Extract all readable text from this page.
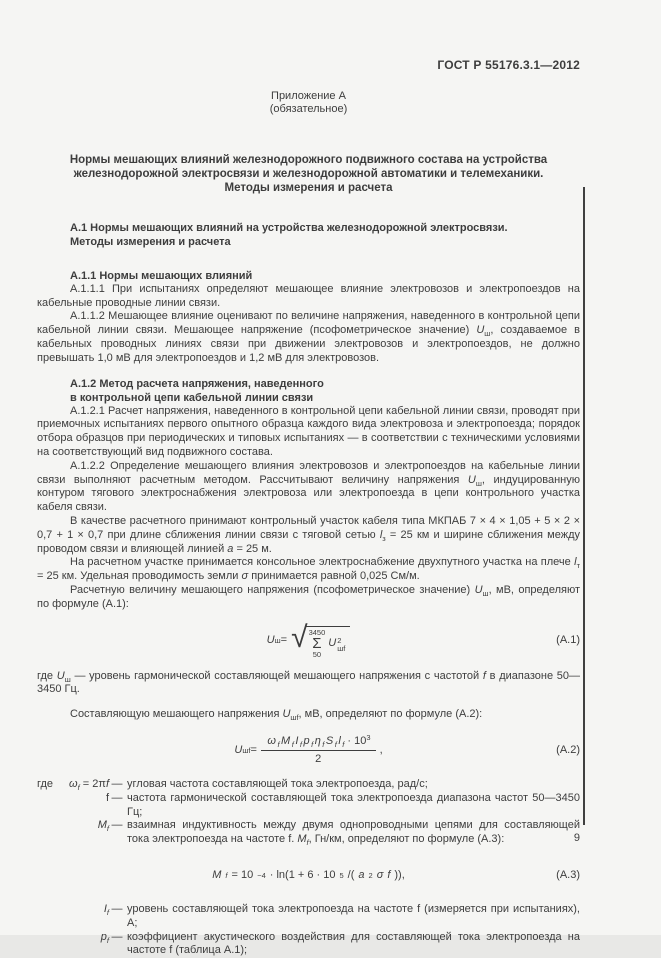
ГОСТ Р 55176.3.1—2012
Приложение А
(обязательное)
Нормы мешающих влияний железнодорожного подвижного состава на устройства
железнодорожной электросвязи и железнодорожной автоматики и телемеханики.
Методы измерения и расчета
А.1 Нормы мешающих влияний на устройства железнодорожной электросвязи.
Методы измерения и расчета
А.1.1 Нормы мешающих влияний

А.1.1.1 При испытаниях определяют мешающее влияние электровозов и электропоездов на кабельные проводные линии связи.

А.1.1.2 Мешающее влияние оценивают по величине напряжения, наведенного в контрольной цепи кабельной линии связи. Мешающее напряжение (псофометрическое значение) $U_ш$, создаваемое в кабельных проводных линиях связи при движении электровозов и электропоездов, не должно превышать 1,0 мВ для электропоездов и 1,2 мВ для электровозов.

А.1.2 Метод расчета напряжения, наведенного
в контрольной цепи кабельной линии связи

А.1.2.1 Расчет напряжения, наведенного в контрольной цепи кабельной линии связи, проводят при приемочных испытаниях первого опытного образца каждого вида электровоза и электропоезда; порядок отбора образцов при периодических и типовых испытаниях — в соответствии с техническими условиями на соответствующий вид подвижного состава.

А.1.2.2 Определение мешающего влияния электровозов и электропоездов на кабельные линии связи выполняют расчетным методом. Рассчитывают величину напряжения $U_ш$, индуцированную контуром тягового электроснабжения электровоза или электропоезда в цепи контрольного участка кабеля связи.

В качестве расчетного принимают контрольный участок кабеля типа МКПАБ 7 × 4 × 1,05 + 5 × 2 × 0,7 + 1 × 0,7 при длине сближения линии связи с тяговой сетью $l_з = 25$ км и ширине сближения между проводом связи и влияющей линией а = 25 м.

На расчетном участке принимается консольное электроснабжение двухпутного участка на плече $l_т = 25$ км. Удельная проводимость земли σ принимается равной 0,025 См/м.

Расчетную величину мешающего напряжения (псофометрическое значение) $U_ш$, мВ, определяют по формуле (А.1):

U ш = √ 3450
Σ
50
U 2
шf
(А.1)

где $U_ш$ — уровень гармонической составляющей мешающего напряжения с частотой f в диапазоне 50—3450 Гц.

Составляющую мешающего напряжения $U_{шf}$, мВ, определяют по формуле (А.2):

U шf = $\frac{\omega _f M _f I _f p _f \eta _f S _f l _f \cdot 10^3}{2}$ ,	(А.2)
где $\omega_f = 2\pi f$ — угловая частота составляющей тока электропоезда, рад/с;
f — частота гармонической составляющей тока электропоезда диапазона частот 50—3450 Гц;
$M_f$ — взаимная индуктивность между двумя однопроводными цепями для составляющей тока электропоезда на частоте f. $M_f$, Гн/км, определяют по формуле (А.3):
M f = 10 −4 · ln(1 + 6 · 10 5 /( a 2 σ f )),	(А.3)
$I_f$ — уровень составляющей тока электропоезда на частоте f (измеряется при испытаниях), А;
$p_f$ — коэффициент акустического воздействия для составляющей тока электропоезда на частоте f (таблица А.1);
9
